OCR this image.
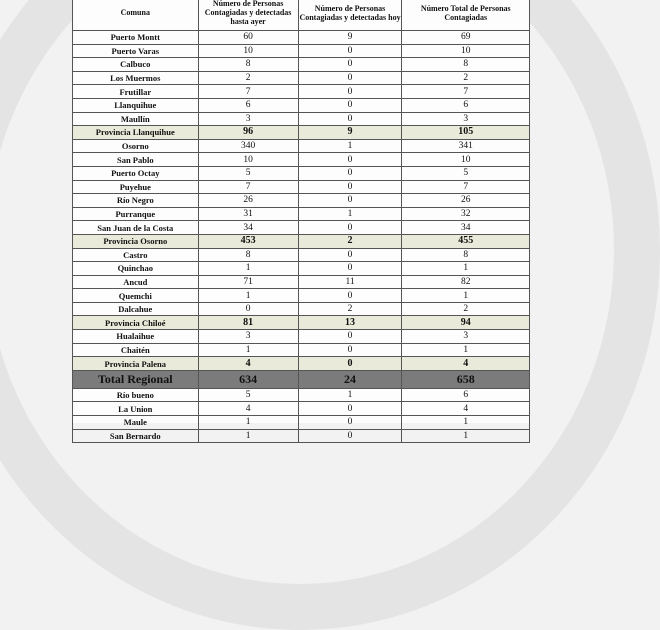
Comuna	Número de Personas Contagiadas y detectadas hasta ayer	Número de Personas Contagiadas y detectadas hoy	Número Total de Personas Contagiadas
Puerto Montt	60	9	69
Puerto Varas	10	0	10
Calbuco	8	0	8
Los Muermos	2	0	2
Frutillar	7	0	7
Llanquihue	6	0	6
Maullín	3	0	3
Provincia Llanquihue	96	9	105
Osorno	340	1	341
San Pablo	10	0	10
Puerto Octay	5	0	5
Puyehue	7	0	7
Río Negro	26	0	26
Purranque	31	1	32
San Juan de la Costa	34	0	34
Provincia Osorno	453	2	455
Castro	8	0	8
Quinchao	1	0	1
Ancud	71	11	82
Quemchi	1	0	1
Dalcahue	0	2	2
Provincia Chiloé	81	13	94
Hualaihue	3	0	3
Chaitén	1	0	1
Provincia Palena	4	0	4
Total Regional	634	24	658
Río bueno	5	1	6
La Union	4	0	4
Maule	1	0	1
San Bernardo	1	0	1
